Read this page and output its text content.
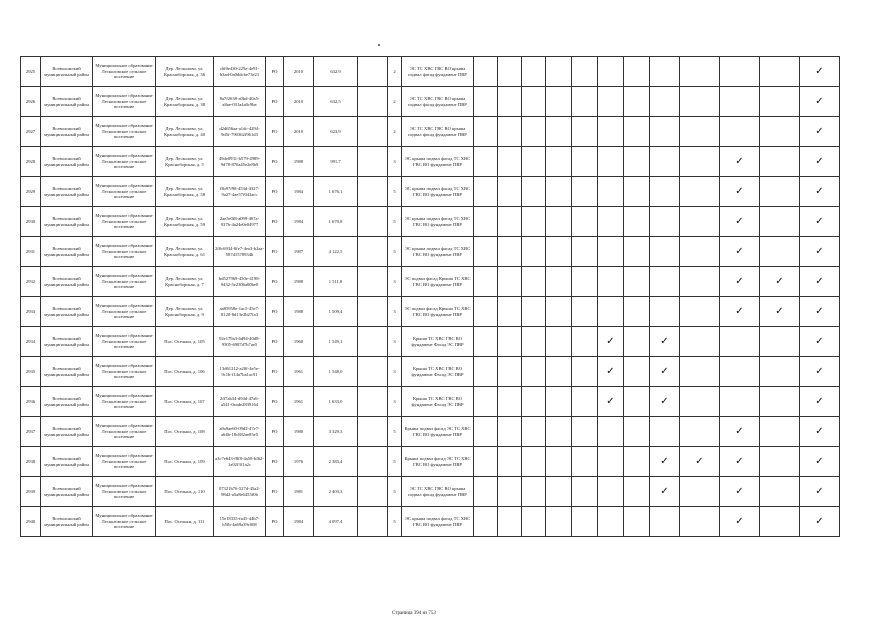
2925	Всеволожский муниципальный район	Муниципальное образование Лесколовское сельское поселение	Дер. Лесколово, ул. Красноборская, д. 36	c6f0e430-225e-4e91-b3ad-0a0ddcbe73e21	РО	2010	632,9		2	ЭС ТС ХВС ГВС ВО крыша подвал фасад фундамент ПВР												✓
2926	Всеволожский муниципальный район	Муниципальное образование Лесколовское сельское поселение	Дер. Лесколово, ул. Красноборская, д. 38	8a7f2638-a0bd-40a5-a8ae-031a4a0c9ba	РО	2010	632,5		2	ЭС ТС ХВС ГВС ВО крыша подвал фасад фундамент ПВР												✓
2927	Всеволожский муниципальный район	Муниципальное образование Лесколовское сельское поселение	Дер. Лесколово, ул. Красноборская, д. 40	d2d656aa-a1dc-4294-9d5f-790362f961d3	РО	2010	623,9		2	ЭС ТС ХВС ГВС ВО крыша подвал фасад фундамент ПВР												✓
2928	Всеволожский муниципальный район	Муниципальное образование Лесколовское сельское поселение	Дер. Лесколово, ул. Красноборская, д. 5	49de0931-b579-4989-9d78-870a45e2e8b9	РО	1988	991,7		3	ЭС крыша подвал фасад ТС ХВС ГВС ВО фундамент ПВР										✓		✓
2929	Всеволожский муниципальный район	Муниципальное образование Лесколовское сельское поселение	Дер. Лесколово, ул. Красноборская, д. 58	f3b97f98-453d-4327-9a27-4ae57f042acc	РО	1984	1 676,1		5	ЭС крыша подвал фасад ТС ХВС ГВС ВО фундамент ПВР										✓		✓
2930	Всеволожский муниципальный район	Муниципальное образование Лесколовское сельское поселение	Дер. Лесколово, ул. Красноборская, д. 59	2ae5e0f8-a099-467a-937b-4a24e0e04977	РО	1984	1 670,8		5	ЭС крыша подвал фасад ТС ХВС ГВС ВО фундамент ПВР										✓		✓
2931	Всеволожский муниципальный район	Муниципальное образование Лесколовское сельское поселение	Дер. Лесколово, ул. Красноборская, д. 61	2f0c6934-0fe7-4ea3-b2aa-587d1578934b	РО	1987	4 122,5		5	ЭС крыша подвал фасад ТС ХВС ГВС ВО фундамент ПВР										✓		✓
2932	Всеволожский муниципальный район	Муниципальное образование Лесколовское сельское поселение	Дер. Лесколово, ул. Красноборская, д. 7	bd527969-450e-4198-9432-5e2306a00be0	РО	1988	1 511,8		3	ЭС подвал фасад Крыша ТС ХВС ГВС ВО фундамент ПВР										✓	✓	✓
2933	Всеволожский муниципальный район	Муниципальное образование Лесколовское сельское поселение	Дер. Лесколово, ул. Красноборская, д. 9	aa85958e-1ac5-45e7-8120-8d13e2b27fa3	РО	1988	1 509,4		3	ЭС подвал фасад Крыша ТС ХВС ГВС ВО фундамент ПВР										✓	✓	✓
2934	Всеволожский муниципальный район	Муниципальное образование Лесколовское сельское поселение	Пос. Осельки, д. 105	92e179a3-6d94-40d8-9505-6987d7b7ae5	РО	1960	1 549,1		3	Крыша ТС ХВС ГВС ВО фундамент Фасад ЭС ПВР						✓		✓				✓
2935	Всеволожский муниципальный район	Муниципальное образование Лесколовское сельское поселение	Пос. Осельки, д. 106	13d61212-a20f-4e5e-9c1b-f14a7ba1ac91	РО	1961	1 548,0		3	Крыша ТС ХВС ГВС ВО фундамент Фасад ЭС ПВР						✓		✓				✓
2936	Всеволожский муниципальный район	Муниципальное образование Лесколовское сельское поселение	Пос. Осельки, д. 107	2ff7ab34-d94d-47a6-a541-0eade2839164	РО	1961	1 633,0		3	Крыша ТС ХВС ГВС ВО фундамент Фасад ЭС ПВР						✓		✓				✓
2937	Всеволожский муниципальный район	Муниципальное образование Лесколовское сельское поселение	Пос. Осельки, д. 108	a9a9ae60-09d2-47e7-a64b-18c682ae85e5	РО	1980	3 329,3		5	Крыша подвал фасад ЭС ТС ХВС ГВС ВО фундамент ПВР										✓		✓
2938	Всеволожский муниципальный район	Муниципальное образование Лесколовское сельское поселение	Пос. Осельки, д. 109	a3c7e643-f8f8-4a58-bf62-1a92f3f1a2c	РО	1976	2 383,4		5	Крыша подвал фасад ЭС ТС ХВС ГВС ВО фундамент ПВР								✓	✓	✓		✓
2939	Всеволожский муниципальный район	Муниципальное образование Лесколовское сельское поселение	Пос. Осельки, д. 110	07321b76-527d-45a2-98d2-a5a8e6455f0b	РО	1981	2 403,3		5	ЭС ТС ХВС ГВС ВО крыша подвал фасад фундамент ПВР								✓		✓		✓
2940	Всеволожский муниципальный район	Муниципальное образование Лесколовское сельское поселение	Пос. Осельки, д. 111	15e18335-fa45-44b7-b5fb-4a69a39c008	РО	1984	4 097,4		5	ЭС крыша подвал фасад ТС ХВС ГВС ВО фундамент ПВР										✓		✓
Страница 394 из 753
